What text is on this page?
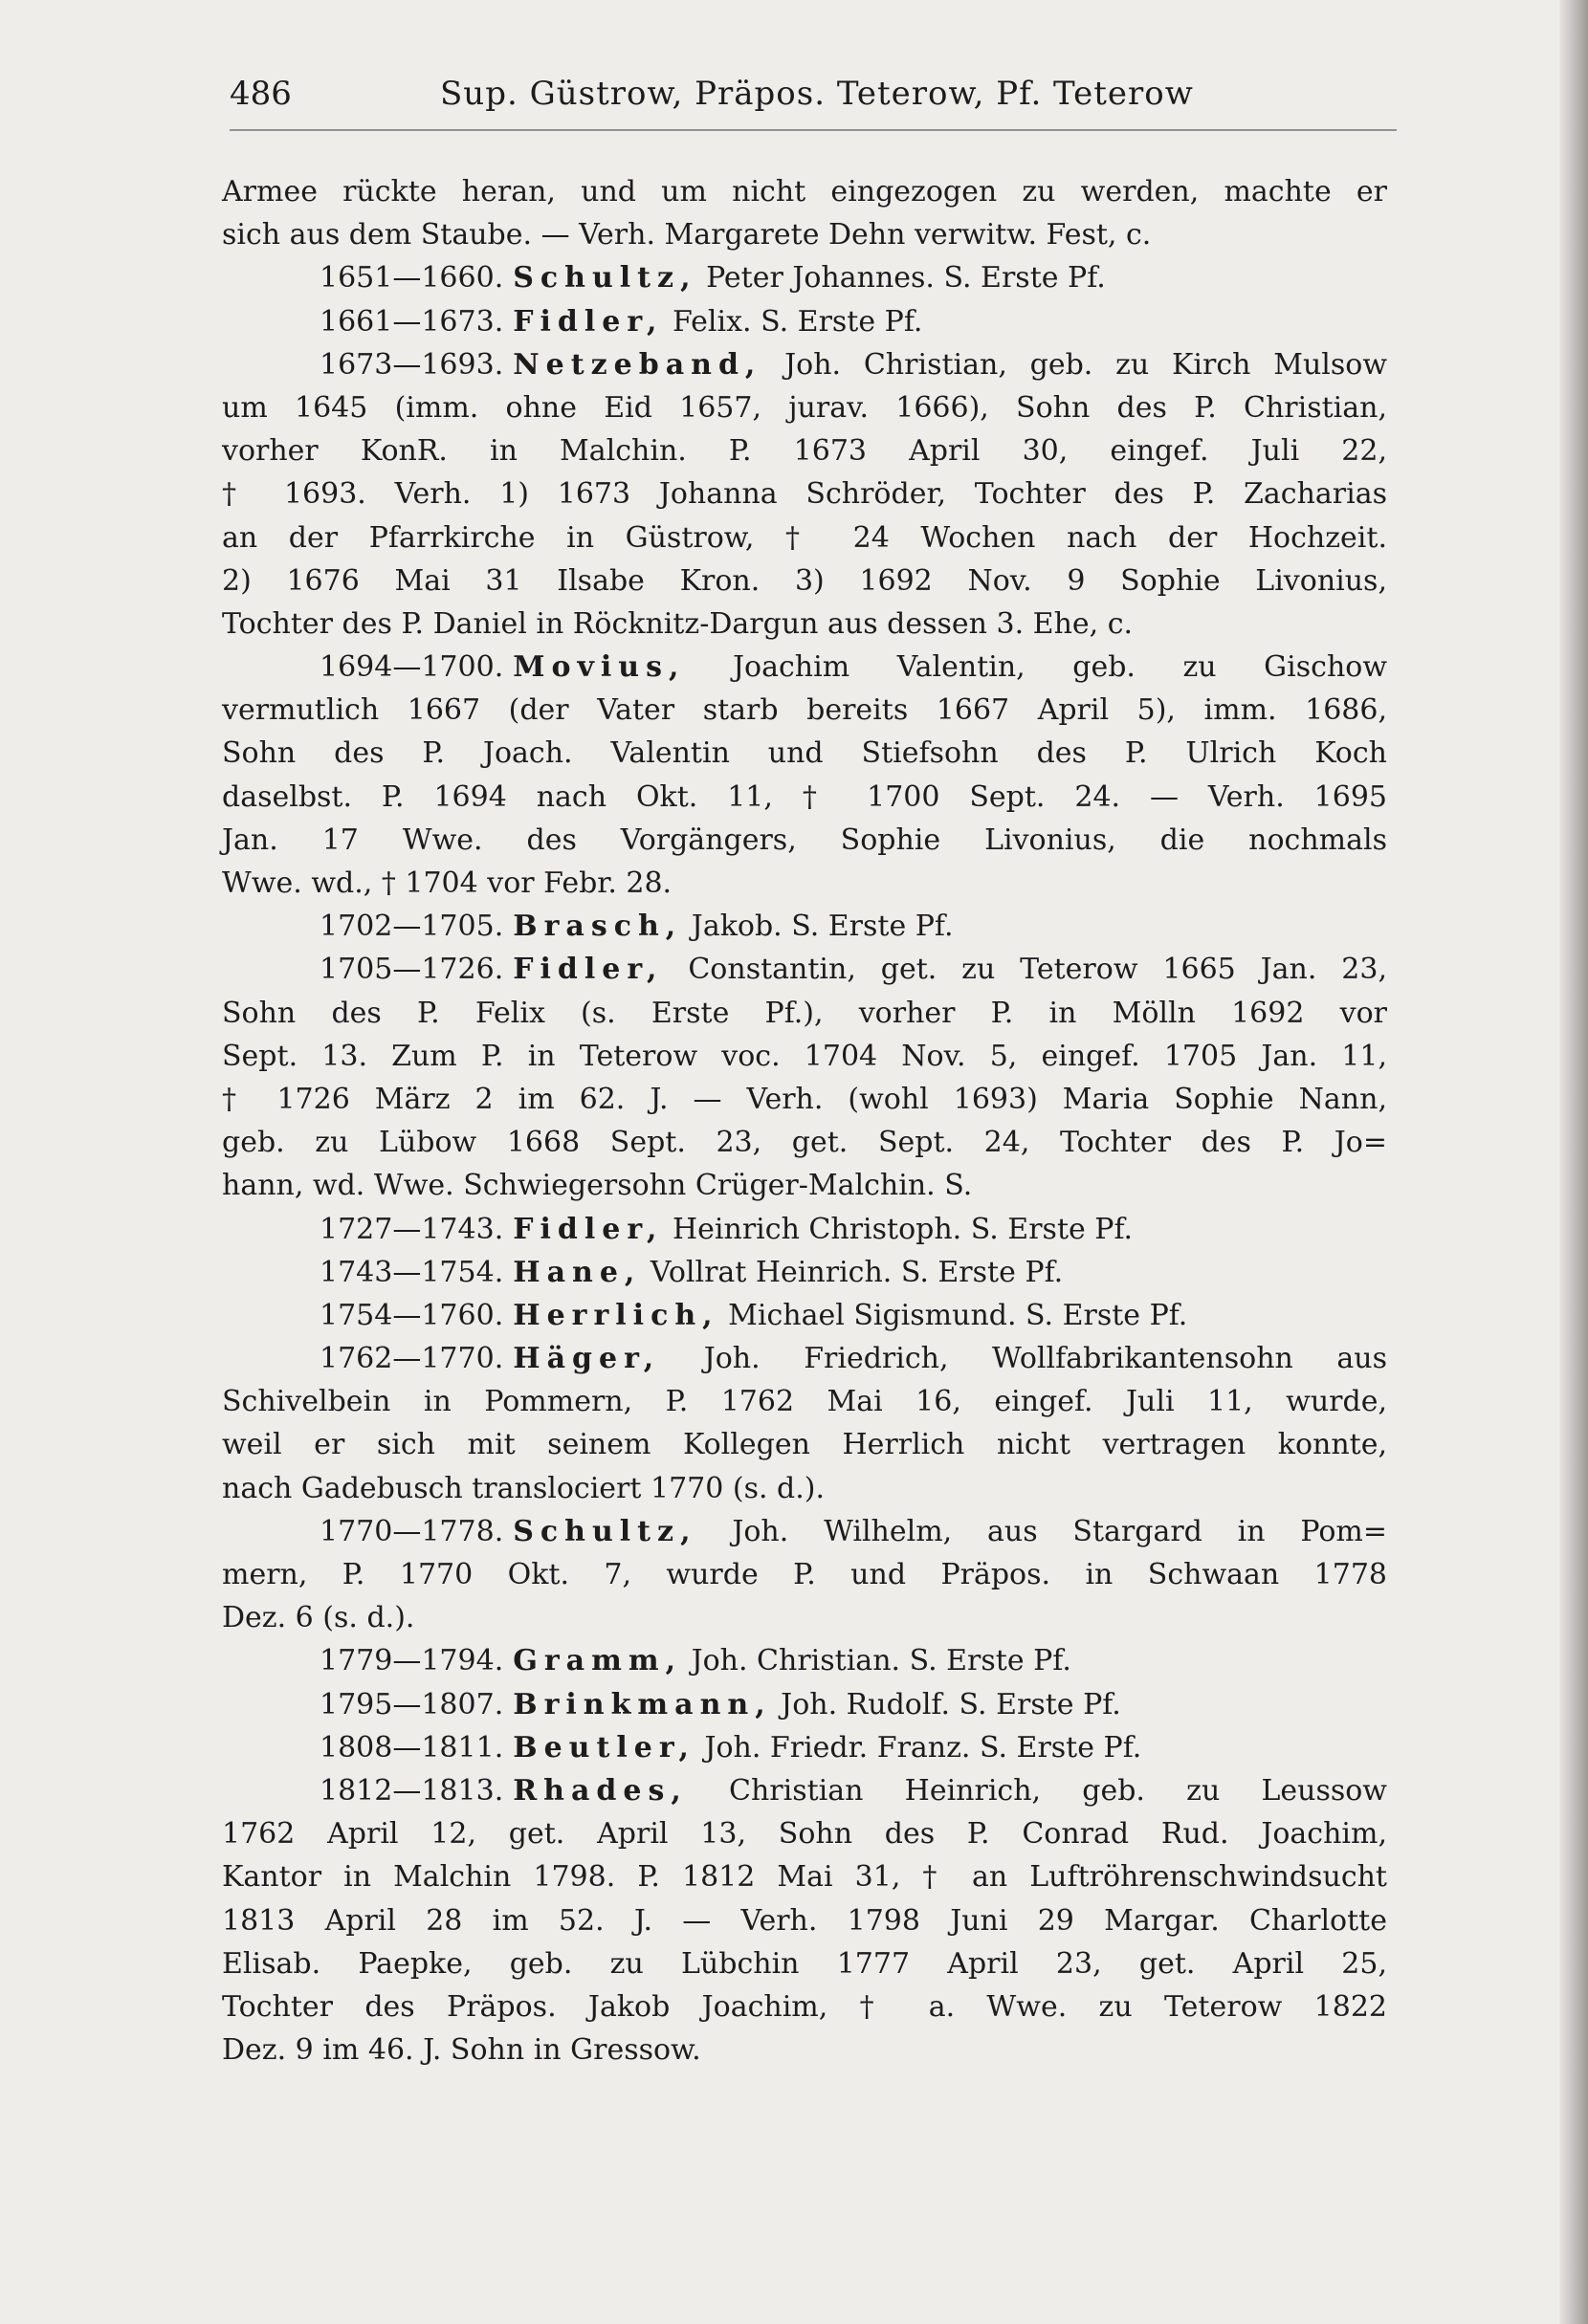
486	Sup. Güstrow, Präpos. Teterow, Pf. Teterow
Armee rückte heran, und um nicht eingezogen zu werden, machte er
sich aus dem Staube. — Verh. Margarete Dehn verwitw. Fest, c.
1651—1660. Schultz, Peter Johannes. S. Erste Pf.
1661—1673. Fidler, Felix. S. Erste Pf.
1673—1693. Netzeband, Joh. Christian, geb. zu Kirch Mulsow
um 1645 (imm. ohne Eid 1657, jurav. 1666), Sohn des P. Christian,
vorher KonR. in Malchin. P. 1673 April 30, eingef. Juli 22,
† 1693. Verh. 1) 1673 Johanna Schröder, Tochter des P. Zacharias
an der Pfarrkirche in Güstrow, † 24 Wochen nach der Hochzeit.
2) 1676 Mai 31 Ilsabe Kron. 3) 1692 Nov. 9 Sophie Livonius,
Tochter des P. Daniel in Röcknitz-Dargun aus dessen 3. Ehe, c.
1694—1700. Movius, Joachim Valentin, geb. zu Gischow
vermutlich 1667 (der Vater starb bereits 1667 April 5), imm. 1686,
Sohn des P. Joach. Valentin und Stiefsohn des P. Ulrich Koch
daselbst. P. 1694 nach Okt. 11, † 1700 Sept. 24. — Verh. 1695
Jan. 17 Wwe. des Vorgängers, Sophie Livonius, die nochmals
Wwe. wd., † 1704 vor Febr. 28.
1702—1705. Brasch, Jakob. S. Erste Pf.
1705—1726. Fidler, Constantin, get. zu Teterow 1665 Jan. 23,
Sohn des P. Felix (s. Erste Pf.), vorher P. in Mölln 1692 vor
Sept. 13. Zum P. in Teterow voc. 1704 Nov. 5, eingef. 1705 Jan. 11,
† 1726 März 2 im 62. J. — Verh. (wohl 1693) Maria Sophie Nann,
geb. zu Lübow 1668 Sept. 23, get. Sept. 24, Tochter des P. Jo=
hann, wd. Wwe. Schwiegersohn Crüger-Malchin. S.
1727—1743. Fidler, Heinrich Christoph. S. Erste Pf.
1743—1754. Hane, Vollrat Heinrich. S. Erste Pf.
1754—1760. Herrlich, Michael Sigismund. S. Erste Pf.
1762—1770. Häger, Joh. Friedrich, Wollfabrikantensohn aus
Schivelbein in Pommern, P. 1762 Mai 16, eingef. Juli 11, wurde,
weil er sich mit seinem Kollegen Herrlich nicht vertragen konnte,
nach Gadebusch translociert 1770 (s. d.).
1770—1778. Schultz, Joh. Wilhelm, aus Stargard in Pom=
mern, P. 1770 Okt. 7, wurde P. und Präpos. in Schwaan 1778
Dez. 6 (s. d.).
1779—1794. Gramm, Joh. Christian. S. Erste Pf.
1795—1807. Brinkmann, Joh. Rudolf. S. Erste Pf.
1808—1811. Beutler, Joh. Friedr. Franz. S. Erste Pf.
1812—1813. Rhades, Christian Heinrich, geb. zu Leussow
1762 April 12, get. April 13, Sohn des P. Conrad Rud. Joachim,
Kantor in Malchin 1798. P. 1812 Mai 31, † an Luftröhrenschwindsucht
1813 April 28 im 52. J. — Verh. 1798 Juni 29 Margar. Charlotte
Elisab. Paepke, geb. zu Lübchin 1777 April 23, get. April 25,
Tochter des Präpos. Jakob Joachim, † a. Wwe. zu Teterow 1822
Dez. 9 im 46. J. Sohn in Gressow.
